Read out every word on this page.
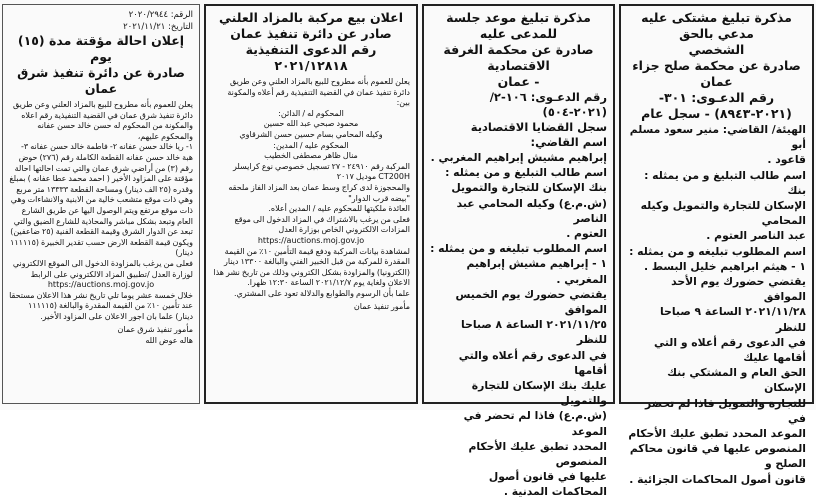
مذكرة تبليغ مشتكى عليه مدعي بالحق

الشخصي

صادرة عن محكمة صلح جزاء عمان

رقم الدعـوى: ٣٠١-

(٢٠٢١-٨٩٤٣) - سجل عام

الهيئة/ القاضي: منير سعود مسلم أبو

قاعود .

اسم طالب التبليغ و من يمثله : بنك

الإسكان للتجارة والتمويل وكيله المحامي

عبد الناصر العتوم .

اسم المطلوب تبليغه و من يمثله :

١ - هيثم ابراهيم خليل البسط .

يقتضي حضورك يوم الأحد الموافق

٢٠٢١/١١/٢٨ الساعة ٩ صباحا للنظر

في الدعوى رقم أعلاه و التي أقامها عليك

الحق العام و المشتكي بنك الإسكان

للتجارة والتمويل فاذا لم تحضر في

الموعد المحدد تطبق عليك الأحكام

المنصوص عليها في قانون محاكم الصلح و

قانون أصول المحاكمات الجزائية .

مذكرة تبليغ موعد جلسة للمدعى عليه

صادرة عن محكمة الغرفة الاقتصادية

- عمان

رقم الدعـوى: ١٠٦-٢/

(٢٠٢١-٥٠٤)

سجل القضايا الاقتصادية

اسم القاضي:

إبراهيم مشيش إبراهيم المغربي .

اسم طالب التبليغ و من يمثله :

بنك الإسكان للتجارة والتمويل

(ش.م.ع) وكيله المحامي عبد الناصر

العتوم .

اسم المطلوب تبليغه و من يمثله :

١ - إبراهيم مشيش إبراهيم المغربي .

يقتضي حضورك يوم الخميس الموافق

٢٠٢١/١١/٢٥ الساعة ٨ صباحا للنظر

في الدعوى رقم أعلاه والتي أقامها

عليك بنك الإسكان للتجارة والتمويل

(ش.م.ع) فاذا لم تحضر في الموعد

المحدد تطبق عليك الأحكام المنصوص

عليها في قانون أصول المحاكمات المدنية .

اعلان بيع مركبة بالمزاد العلني

صادر عن دائرة تنفيذ عمان

رقم الدعوى التنفيذية

٢٠٢١/١٢٨١٨

يعلن للعموم بأنه مطروح للبيع بالمزاد العلني وعن طريق دائرة تنفيذ عمان في القضية التنفيذية رقم أعلاه والمكونة بين:

المحكوم له / الدائن:

محمود صبحي عبد الله حسين

وكيله المحامي بسام حسين حسن الشرقاوي

المحكوم عليه / المدين:

منال ظاهر مصطفى الخطيب

المركبة رقم ٢٤٩١٠ - ٢٧ تسجيل خصوصي نوع كرايسلر CT200H موديل ٢٠١٧

والمحجوزة لدى كراج وسط عمان بعد المزاد الفاز ملحقه "بيضه قرب الدوار"

العائدة ملكيتها للمحكوم عليه / المدين أعلاه.

فعلى من يرغب بالاشتراك في المزاد الدخول الى موقع المزادات الالكتروني الخاص بوزارة العدل

https://auctions.moj.gov.jo

لمشاهدة بيانات المركبة ودفع قيمة التأمين ١٠٪ من القيمة المقدرة للمركبة من قبل الخبير الفني والبالغة ١٣٣٠٠ دينار (الكترونيا) والمزاودة بشكل الكتروني وذلك من تاريخ نشر هذا الاعلان ولغاية يوم ٢٠٢١/١٢/٧ الساعة ١٢:٣٠ ظهرا.

علما بأن الرسوم والطوابع والدلالة تعود على المشتري.

مأمور تنفيذ عمان

الرقم: ٢٠٢٠/٢٩٤٤
التاريخ: ٢٠٢١/١١/٢١

إعلان احالة مؤقتة مدة (١٥) يوم

صادرة عن دائرة تنفيذ شرق عمان

يعلن للعموم بأنه مطروح للبيع بالمزاد العلني وعن طريق دائرة تنفيذ شرق عمان في القضية التنفيذية رقم اعلاه والمكونة من المحكوم له حسن خالد حسن عفانه والمحكوم عليهم،

١- ريا خالد حسن عفانه ٢- فاطمة خالد حسن عفانه ٣- هبة خالد حسن عفانه القطعة الكاملة رقم (٢٧٦) حوض رقم (٣) من أراضي شرق عمان والتي تمت احالتها احالة مؤقتة على المزاود الأخير ( احمد محمد عطا عفانه ) بمبلغ وقدره (٢٥ الف دينار) ومساحة القطعة ١٣٣٣٣ متر مربع وهي ذات موقع متشعب خالية من الابنية والانشاءات وهي ذات موقع مرتفع ويتم الوصول اليها عن طريق الشارع العام وتبعد بشكل مباشر والمحاذية للشارع الضيق والتي تبعد عن الدوار الشرق وقيمة القطعة الفنية (٢٥ ضاعفين) ويكون قيمة القطعة الارض حسب تقدير الخبيرة (١١١١١٥ دينار)

فعلى من يرغب بالمزاودة الدخول الى الموقع الالكتروني لوزارة العدل /تطبيق المزاد الالكتروني على الرابط

https://auctions.moj.gov.jo

خلال خمسة عشر يوما تلي تاريخ نشر هذا الاعلان مستحقا عند تأمين ١٠٪ من القيمة المقدرة والبالغة (١١١١١٥ دينار) علما بان اجور الاعلان على المزاود الأخير.

مأمور تنفيذ شرق عمان

هاله عوض الله
